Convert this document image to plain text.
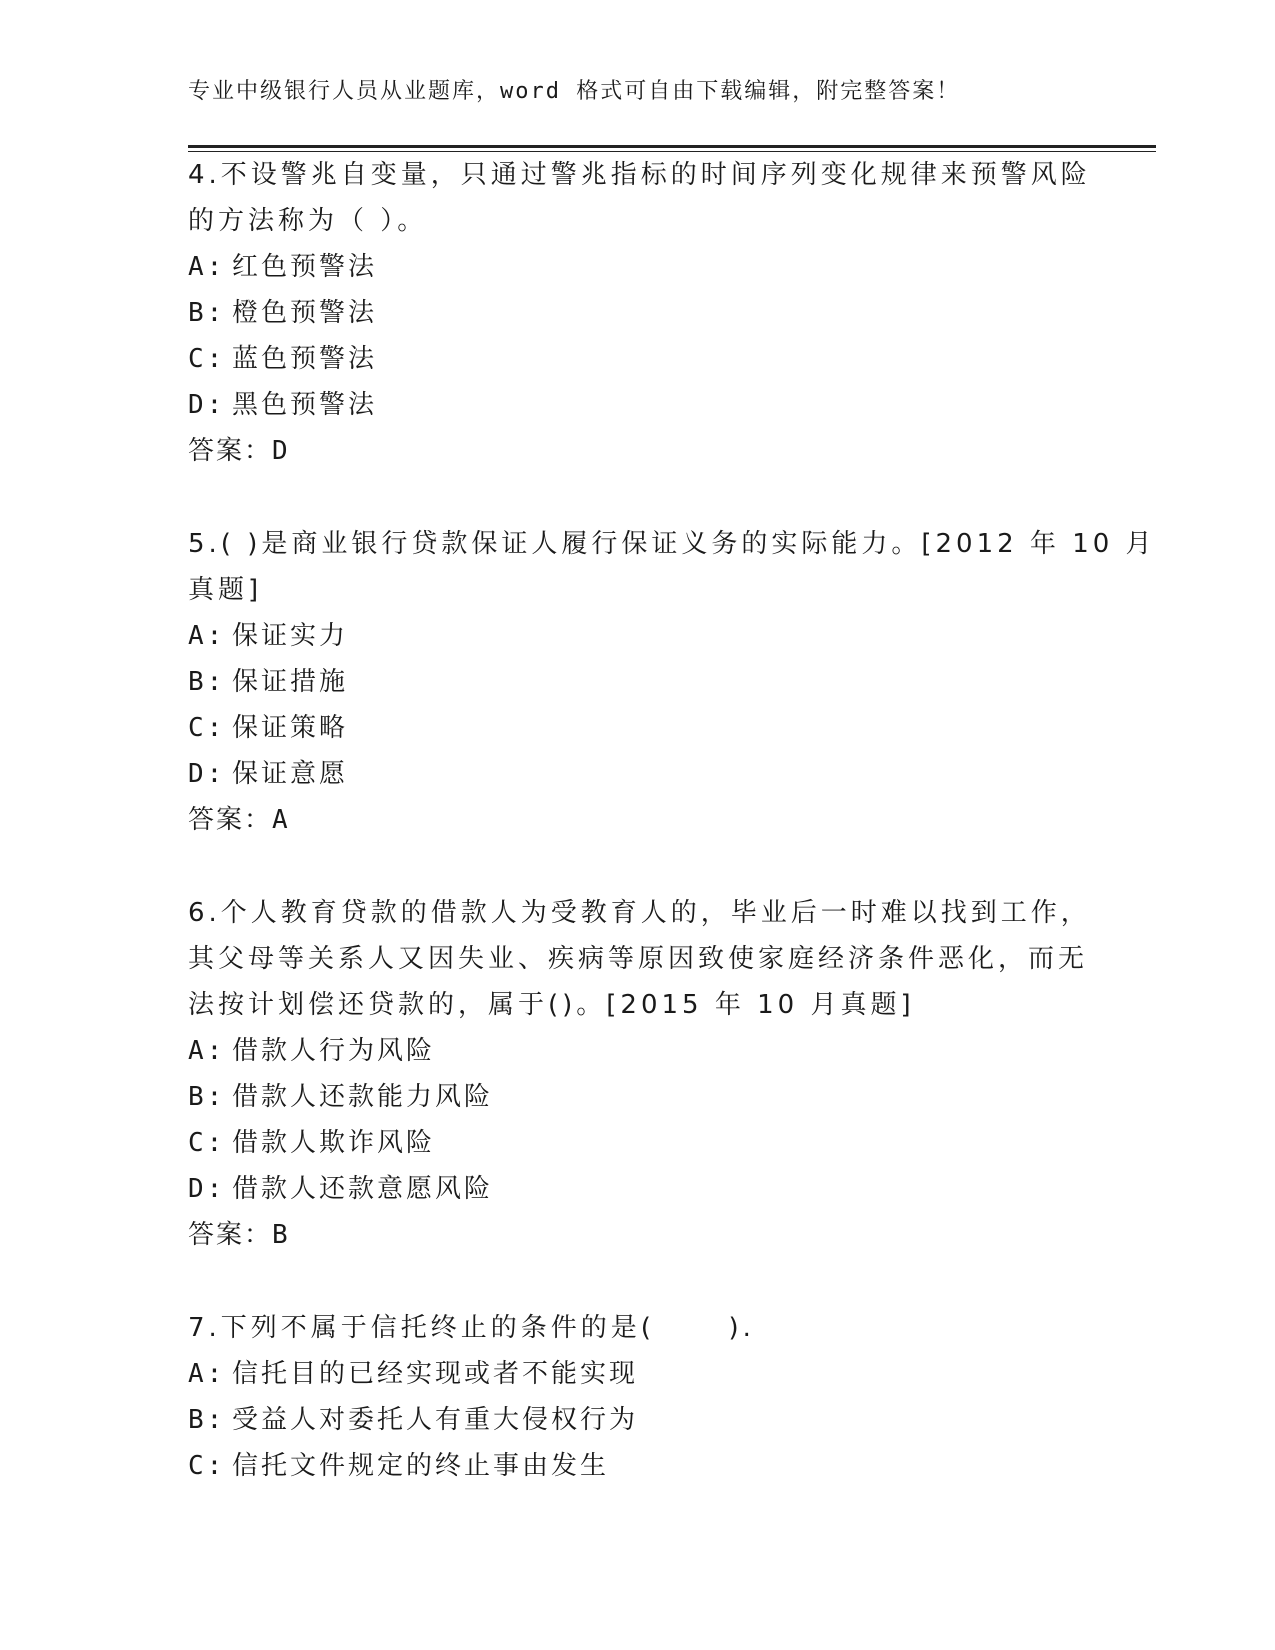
专业中级银行人员从业题库，word 格式可自由下载编辑，附完整答案！
4.不设警兆自变量，只通过警兆指标的时间序列变化规律来预警风险
的方法称为（ ）。
A: 红色预警法
B: 橙色预警法
C: 蓝色预警法
D: 黑色预警法
答案：D
5.( )是商业银行贷款保证人履行保证义务的实际能力。[2012 年 10 月
真题]
A: 保证实力
B: 保证措施
C: 保证策略
D: 保证意愿
答案：A
6.个人教育贷款的借款人为受教育人的，毕业后一时难以找到工作，
其父母等关系人又因失业、疾病等原因致使家庭经济条件恶化，而无
法按计划偿还贷款的，属于()。[2015 年 10 月真题]
A: 借款人行为风险
B: 借款人还款能力风险
C: 借款人欺诈风险
D: 借款人还款意愿风险
答案：B
7.下列不属于信托终止的条件的是(      ).
A: 信托目的已经实现或者不能实现
B: 受益人对委托人有重大侵权行为
C: 信托文件规定的终止事由发生
